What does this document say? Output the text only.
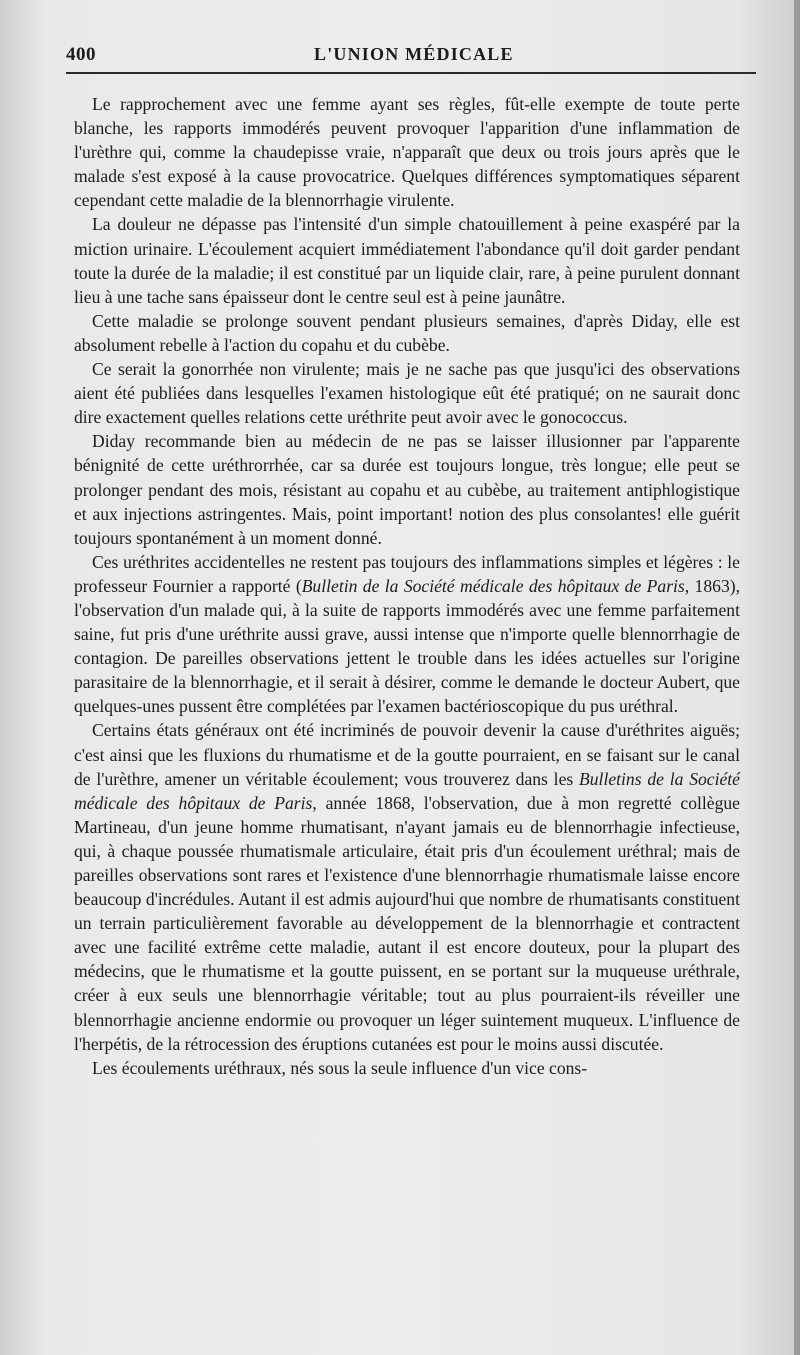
400	L'UNION MÉDICALE

Le rapprochement avec une femme ayant ses règles, fût-elle exempte de toute perte blanche, les rapports immodérés peuvent provoquer l'apparition d'une inflammation de l'urèthre qui, comme la chaudepisse vraie, n'apparaît que deux ou trois jours après que le malade s'est exposé à la cause provocatrice. Quelques différences symptomatiques séparent cependant cette maladie de la blennorrhagie virulente.

La douleur ne dépasse pas l'intensité d'un simple chatouillement à peine exaspéré par la miction urinaire. L'écoulement acquiert immédiatement l'abondance qu'il doit garder pendant toute la durée de la maladie; il est constitué par un liquide clair, rare, à peine purulent donnant lieu à une tache sans épaisseur dont le centre seul est à peine jaunâtre.

Cette maladie se prolonge souvent pendant plusieurs semaines, d'après Diday, elle est absolument rebelle à l'action du copahu et du cubèbe.

Ce serait la gonorrhée non virulente; mais je ne sache pas que jusqu'ici des observations aient été publiées dans lesquelles l'examen histologique eût été pratiqué; on ne saurait donc dire exactement quelles relations cette uréthrite peut avoir avec le gonococcus.

Diday recommande bien au médecin de ne pas se laisser illusionner par l'apparente bénignité de cette uréthrorrhée, car sa durée est toujours longue, très longue; elle peut se prolonger pendant des mois, résistant au copahu et au cubèbe, au traitement antiphlogistique et aux injections astringentes. Mais, point important! notion des plus consolantes! elle guérit toujours spontanément à un moment donné.

Ces uréthrites accidentelles ne restent pas toujours des inflammations simples et légères : le professeur Fournier a rapporté (Bulletin de la Société médicale des hôpitaux de Paris, 1863), l'observation d'un malade qui, à la suite de rapports immodérés avec une femme parfaitement saine, fut pris d'une uréthrite aussi grave, aussi intense que n'importe quelle blennorrhagie de contagion. De pareilles observations jettent le trouble dans les idées actuelles sur l'origine parasitaire de la blennorrhagie, et il serait à désirer, comme le demande le docteur Aubert, que quelques-unes pussent être complétées par l'examen bactérioscopique du pus uréthral.

Certains états généraux ont été incriminés de pouvoir devenir la cause d'uréthrites aiguës; c'est ainsi que les fluxions du rhumatisme et de la goutte pourraient, en se faisant sur le canal de l'urèthre, amener un véritable écoulement; vous trouverez dans les Bulletins de la Société médicale des hôpitaux de Paris, année 1868, l'observation, due à mon regretté collègue Martineau, d'un jeune homme rhumatisant, n'ayant jamais eu de blennorrhagie infectieuse, qui, à chaque poussée rhumatismale articulaire, était pris d'un écoulement uréthral; mais de pareilles observations sont rares et l'existence d'une blennorrhagie rhumatismale laisse encore beaucoup d'incrédules. Autant il est admis aujourd'hui que nombre de rhumatisants constituent un terrain particulièrement favorable au développement de la blennorrhagie et contractent avec une facilité extrême cette maladie, autant il est encore douteux, pour la plupart des médecins, que le rhumatisme et la goutte puissent, en se portant sur la muqueuse uréthrale, créer à eux seuls une blennorrhagie véritable; tout au plus pourraient-ils réveiller une blennorrhagie ancienne endormie ou provoquer un léger suintement muqueux. L'influence de l'herpétis, de la rétrocession des éruptions cutanées est pour le moins aussi discutée.

Les écoulements uréthraux, nés sous la seule influence d'un vice cons-
